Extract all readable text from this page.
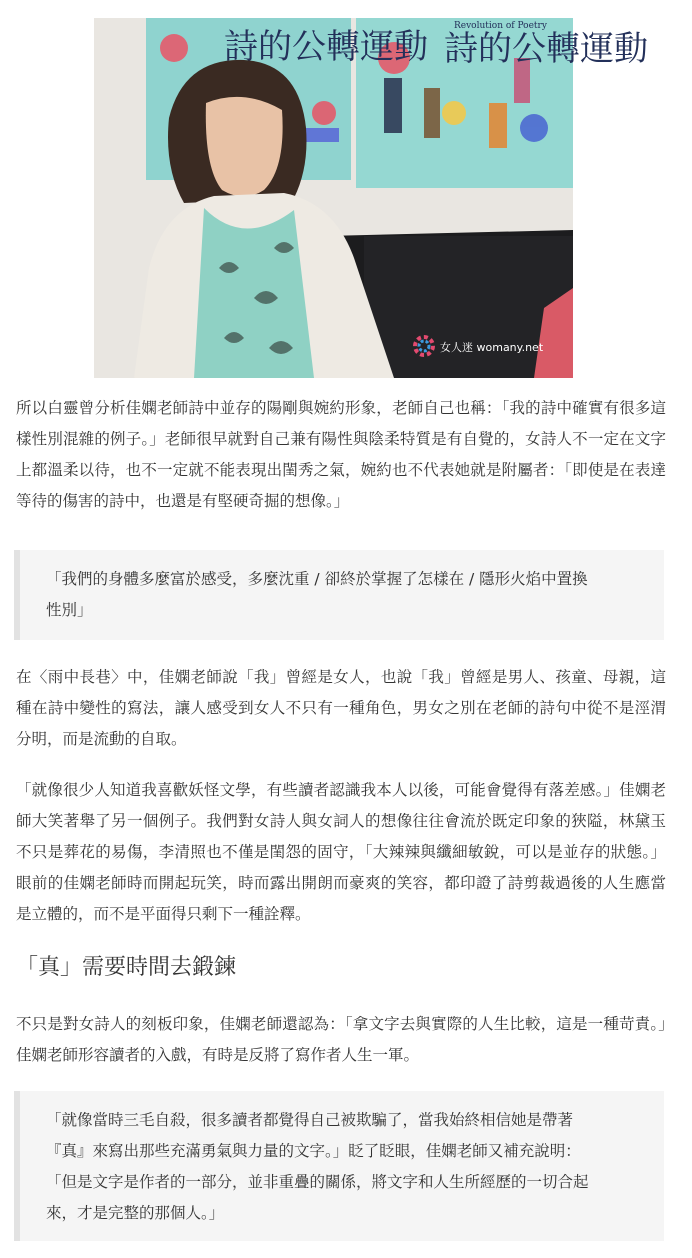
詩的公轉運動 詩的公轉運動
Revolution of Poetry
女人迷 womany.net

所以白靈曾分析佳嫻老師詩中並存的陽剛與婉約形象，老師自己也稱：「我的詩中確實有很多這樣性別混雜的例子。」老師很早就對自己兼有陽性與陰柔特質是有自覺的，女詩人不一定在文字上都溫柔以待，也不一定就不能表現出閨秀之氣，婉約也不代表她就是附屬者：「即使是在表達等待的傷害的詩中，也還是有堅硬奇掘的想像。」

「我們的身體多麼富於感受，多麼沈重 / 卻終於掌握了怎樣在 / 隱形火焰中置換

性別」

在〈雨中長巷〉中，佳嫻老師說「我」曾經是女人，也說「我」曾經是男人、孩童、母親，這種在詩中變性的寫法，讓人感受到女人不只有一種角色，男女之別在老師的詩句中從不是涇渭分明，而是流動的自取。

「就像很少人知道我喜歡妖怪文學，有些讀者認識我本人以後，可能會覺得有落差感。」佳嫻老師大笑著舉了另一個例子。我們對女詩人與女詞人的想像往往會流於既定印象的狹隘，林黛玉不只是葬花的易傷，李清照也不僅是閨怨的固守，「大辣辣與纖細敏銳，可以是並存的狀態。」眼前的佳嫻老師時而開起玩笑，時而露出開朗而豪爽的笑容，都印證了詩剪裁過後的人生應當是立體的，而不是平面得只剩下一種詮釋。

「真」需要時間去鍛鍊

不只是對女詩人的刻板印象，佳嫻老師還認為：「拿文字去與實際的人生比較，這是一種苛責。」佳嫻老師形容讀者的入戲，有時是反將了寫作者人生一軍。

「就像當時三毛自殺，很多讀者都覺得自己被欺騙了，當我始終相信她是帶著

『真』來寫出那些充滿勇氣與力量的文字。」眨了眨眼，佳嫻老師又補充說明：

「但是文字是作者的一部分，並非重疊的關係，將文字和人生所經歷的一切合起

來，才是完整的那個人。」
